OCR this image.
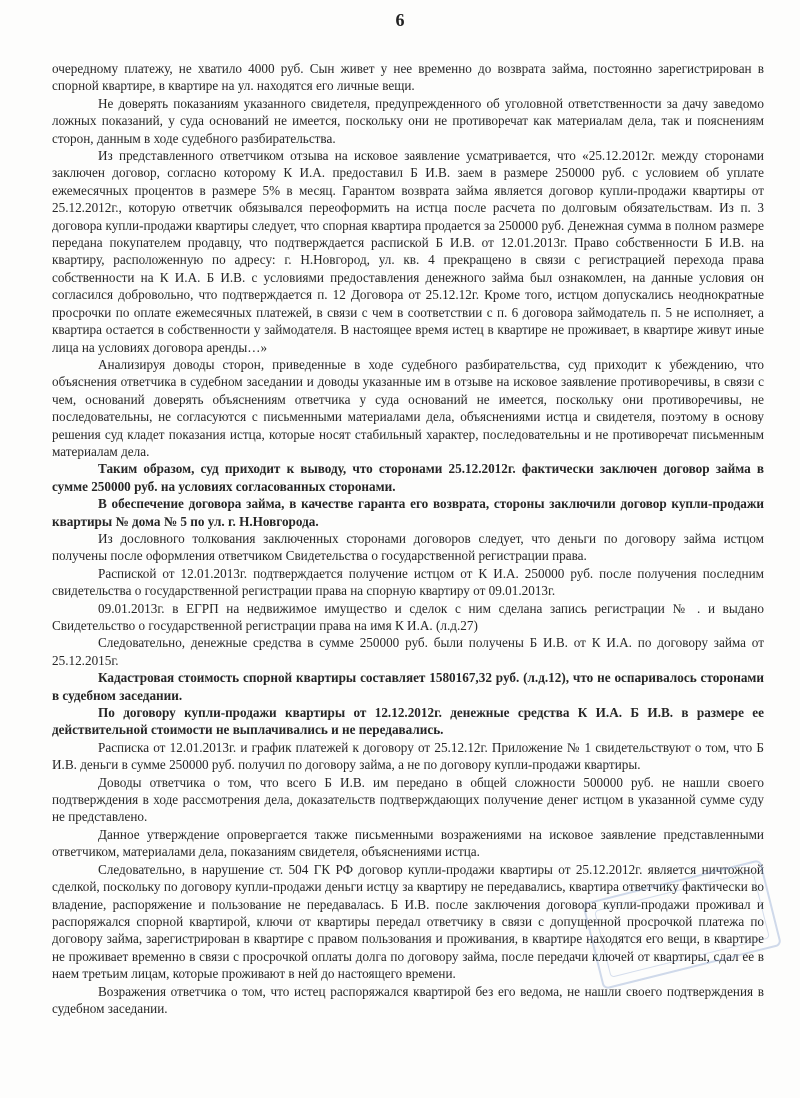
6

очередному платежу, не хватило 4000 руб. Сын живет у нее временно до возврата займа, постоянно зарегистрирован в спорной квартире, в квартире на ул. находятся его личные вещи.

Не доверять показаниям указанного свидетеля, предупрежденного об уголовной ответственности за дачу заведомо ложных показаний, у суда оснований не имеется, поскольку они не противоречат как материалам дела, так и пояснениям сторон, данным в ходе судебного разбирательства.

Из представленного ответчиком отзыва на исковое заявление усматривается, что «25.12.2012г. между сторонами заключен договор, согласно которому К И.А. предоставил Б И.В. заем в размере 250000 руб. с условием об уплате ежемесячных процентов в размере 5% в месяц. Гарантом возврата займа является договор купли-продажи квартиры от 25.12.2012г., которую ответчик обязывался переоформить на истца после расчета по долговым обязательствам. Из п. 3 договора купли-продажи квартиры следует, что спорная квартира продается за 250000 руб. Денежная сумма в полном размере передана покупателем продавцу, что подтверждается распиской Б И.В. от 12.01.2013г. Право собственности Б И.В. на квартиру, расположенную по адресу: г. Н.Новгород, ул. кв. 4 прекращено в связи с регистрацией перехода права собственности на К И.А. Б И.В. с условиями предоставления денежного займа был ознакомлен, на данные условия он согласился добровольно, что подтверждается п. 12 Договора от 25.12.12г. Кроме того, истцом допускались неоднократные просрочки по оплате ежемесячных платежей, в связи с чем в соответствии с п. 6 договора займодатель п. 5 не исполняет, а квартира остается в собственности у займодателя. В настоящее время истец в квартире не проживает, в квартире живут иные лица на условиях договора аренды…»

Анализируя доводы сторон, приведенные в ходе судебного разбирательства, суд приходит к убеждению, что объяснения ответчика в судебном заседании и доводы указанные им в отзыве на исковое заявление противоречивы, в связи с чем, оснований доверять объяснениям ответчика у суда оснований не имеется, поскольку они противоречивы, не последовательны, не согласуются с письменными материалами дела, объяснениями истца и свидетеля, поэтому в основу решения суд кладет показания истца, которые носят стабильный характер, последовательны и не противоречат письменным материалам дела.

Таким образом, суд приходит к выводу, что сторонами 25.12.2012г. фактически заключен договор займа в сумме 250000 руб. на условиях согласованных сторонами.

В обеспечение договора займа, в качестве гаранта его возврата, стороны заключили договор купли-продажи квартиры № дома № 5 по ул. г. Н.Новгорода.

Из дословного толкования заключенных сторонами договоров следует, что деньги по договору займа истцом получены после оформления ответчиком Свидетельства о государственной регистрации права.

Распиской от 12.01.2013г. подтверждается получение истцом от К И.А. 250000 руб. после получения последним свидетельства о государственной регистрации права на спорную квартиру от 09.01.2013г.

09.01.2013г. в ЕГРП на недвижимое имущество и сделок с ним сделана запись регистрации № . и выдано Свидетельство о государственной регистрации права на имя К И.А. (л.д.27)

Следовательно, денежные средства в сумме 250000 руб. были получены Б И.В. от К И.А. по договору займа от 25.12.2015г.

Кадастровая стоимость спорной квартиры составляет 1580167,32 руб. (л.д.12), что не оспаривалось сторонами в судебном заседании.

По договору купли-продажи квартиры от 12.12.2012г. денежные средства К И.А. Б И.В. в размере ее действительной стоимости не выплачивались и не передавались.

Расписка от 12.01.2013г. и график платежей к договору от 25.12.12г. Приложение № 1 свидетельствуют о том, что Б И.В. деньги в сумме 250000 руб. получил по договору займа, а не по договору купли-продажи квартиры.

Доводы ответчика о том, что всего Б И.В. им передано в общей сложности 500000 руб. не нашли своего подтверждения в ходе рассмотрения дела, доказательств подтверждающих получение денег истцом в указанной сумме суду не представлено.

Данное утверждение опровергается также письменными возражениями на исковое заявление представленными ответчиком, материалами дела, показаниям свидетеля, объяснениями истца.

Следовательно, в нарушение ст. 504 ГК РФ договор купли-продажи квартиры от 25.12.2012г. является ничтожной сделкой, поскольку по договору купли-продажи деньги истцу за квартиру не передавались, квартира ответчику фактически во владение, распоряжение и пользование не передавалась. Б И.В. после заключения договора купли-продажи проживал и распоряжался спорной квартирой, ключи от квартиры передал ответчику в связи с допущенной просрочкой платежа по договору займа, зарегистрирован в квартире с правом пользования и проживания, в квартире находятся его вещи, в квартире не проживает временно в связи с просрочкой оплаты долга по договору займа, после передачи ключей от квартиры, сдал ее в наем третьим лицам, которые проживают в ней до настоящего времени.

Возражения ответчика о том, что истец распоряжался квартирой без его ведома, не нашли своего подтверждения в судебном заседании.
